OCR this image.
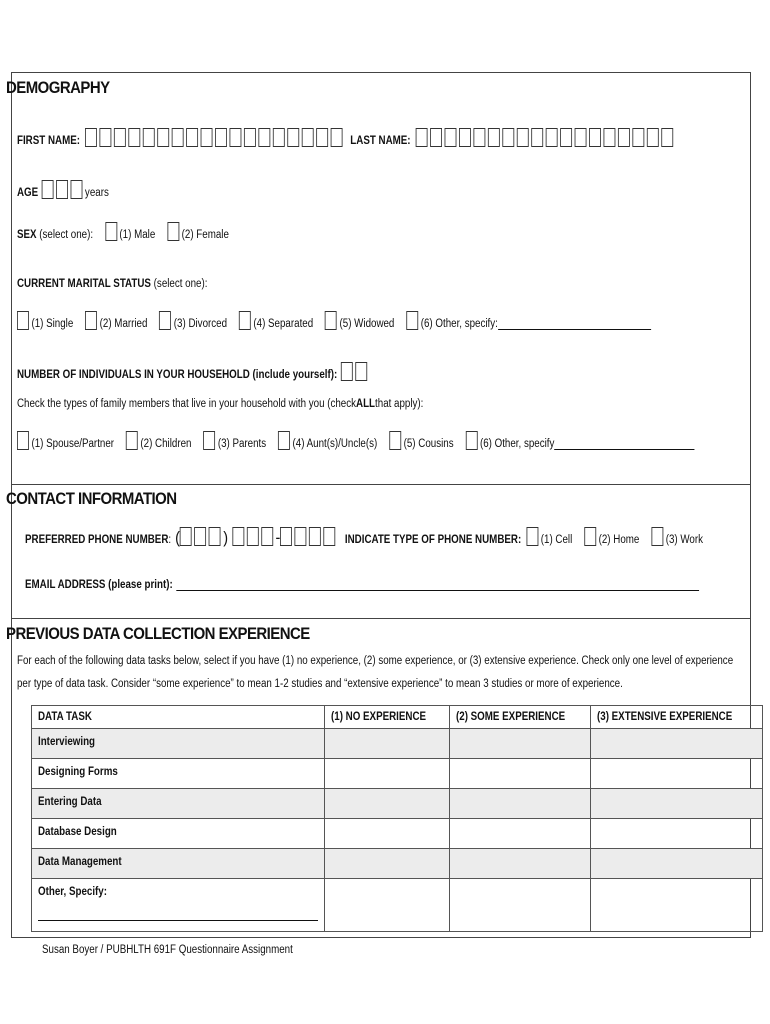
DEMOGRAPHY
FIRST NAME:	LAST NAME:
AGE	years
SEX
(select one): (1) Male (2) Female
CURRENT MARITAL STATUS
(select one):
(1) Single (2) Married (3) Divorced (4) Separated (5) Widowed (6) Other, specify:
NUMBER OF INDIVIDUALS IN YOUR HOUSEHOLD (include yourself):
Check the types of family members that live in your household with you (check ALL that apply):
(1) Spouse/Partner (2) Children (3) Parents (4) Aunt(s)/Uncle(s) (5) Cousins (6) Other, specify
CONTACT INFORMATION
PREFERRED PHONE NUMBER : (	)	-	INDICATE TYPE OF PHONE NUMBER: (1) Cell (2) Home (3) Work
EMAIL ADDRESS (please print):
PREVIOUS DATA COLLECTION EXPERIENCE
For each of the following data tasks below, select if you have (1) no experience, (2) some experience, or (3) extensive experience. Check only one level of experience
per type of data task. Consider “some experience” to mean 1-2 studies and “extensive experience” to mean 3 studies or more of experience.
DATA TASK	(1) NO EXPERIENCE	(2) SOME EXPERIENCE	(3) EXTENSIVE EXPERIENCE
Interviewing			
Designing Forms			
Entering Data			
Database Design			
Data Management			
Other, Specify:

Susan Boyer / PUBHLTH 691F Questionnaire Assignment
